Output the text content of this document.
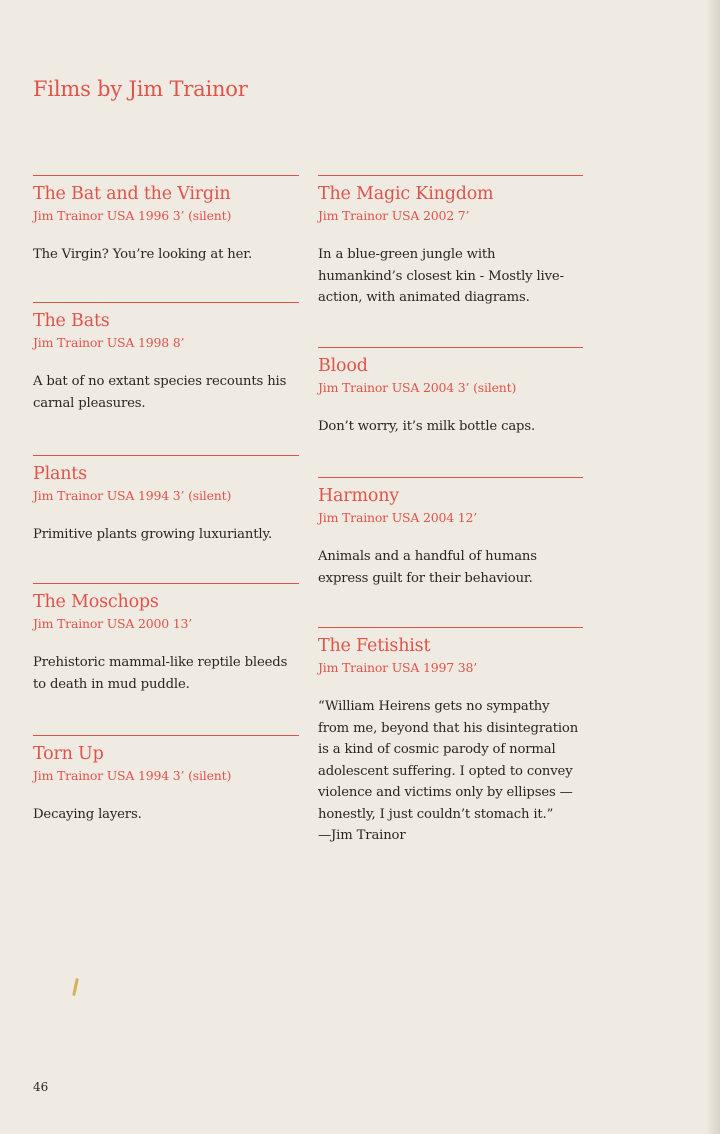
Films by Jim Trainor
The Bat and the Virgin
Jim Trainor USA 1996 3’ (silent)
The Virgin? You’re looking at her.
The Bats
Jim Trainor USA 1998 8’
A bat of no extant species recounts his carnal pleasures.
Plants
Jim Trainor USA 1994 3’ (silent)
Primitive plants growing luxuriantly.
The Moschops
Jim Trainor USA 2000 13’
Prehistoric mammal-like reptile bleeds to death in mud puddle.
Torn Up
Jim Trainor USA 1994 3’ (silent)
Decaying layers.
The Magic Kingdom
Jim Trainor USA 2002 7’
In a blue-green jungle with humankind’s closest kin - Mostly live-action, with animated diagrams.
Blood
Jim Trainor USA 2004 3’ (silent)
Don’t worry, it’s milk bottle caps.
Harmony
Jim Trainor USA 2004 12’
Animals and a handful of humans express guilt for their behaviour.
The Fetishist
Jim Trainor USA 1997 38’
“William Heirens gets no sympathy from me, beyond that his disintegration is a kind of cosmic parody of normal adolescent suffering. I opted to convey violence and victims only by ellipses — honestly, I just couldn’t stomach it.”
—Jim Trainor
46
